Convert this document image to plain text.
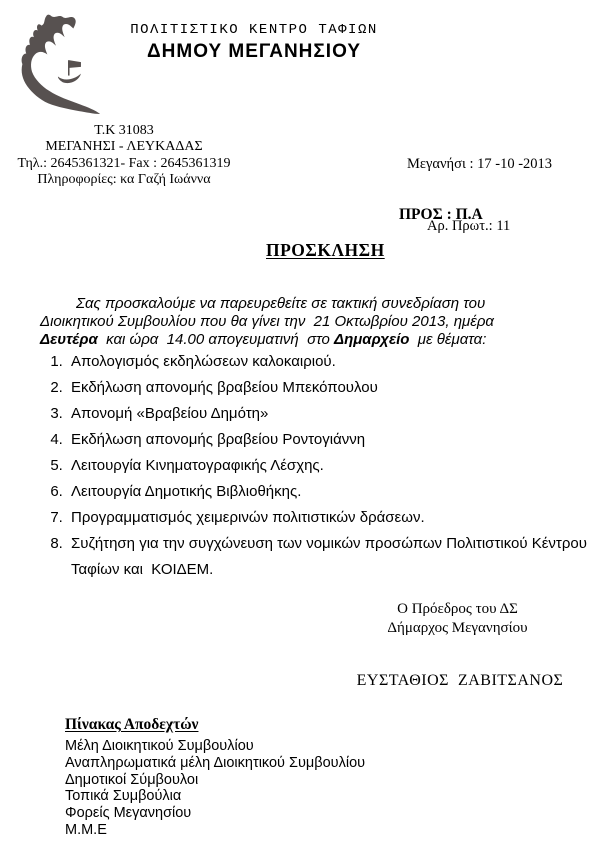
ΠΟΛΙΤΙΣΤΙΚΟ ΚΕΝΤΡΟ ΤΑΦΙΩΝ
ΔΗΜΟΥ ΜΕΓΑΝΗΣΙΟΥ
Τ.Κ 31083
ΜΕΓΑΝΗΣΙ - ΛΕΥΚΑΔΑΣ
Τηλ.: 2645361321- Fax : 2645361319
Πληροφορίες: κα Γαζή Ιωάννα

Μεγανήσι : 17 -10 -2013

Αρ. Πρωτ.: 11

ΠΡΟΣ : Π.Α
ΠΡΟΣΚΛΗΣΗ

Σας προσκαλούμε να παρευρεθείτε σε τακτική συνεδρίαση του Διοικητικού Συμβουλίου που θα γίνει την  21 Οκτωβρίου 2013, ημέρα Δευτέρα  και ώρα  14.00 απογευματινή  στο Δημαρχείο  με θέματα:

1. Απολογισμός εκδηλώσεων καλοκαιριού.
2. Εκδήλωση απονομής βραβείου Μπεκόπουλου
3. Απονομή «Βραβείου Δημότη»
4. Εκδήλωση απονομής βραβείου Ροντογιάννη
5. Λειτουργία Κινηματογραφικής Λέσχης.
6. Λειτουργία Δημοτικής Βιβλιοθήκης.
7. Προγραμματισμός χειμερινών πολιτιστικών δράσεων.
8. Συζήτηση για την συγχώνευση των νομικών προσώπων Πολιτιστικού Κέντρου Ταφίων και  ΚΟΙΔΕΜ.
Ο Πρόεδρος του ΔΣ
Δήμαρχος Μεγανησίου
ΕΥΣΤΑΘΙΟΣ  ΖΑΒΙΤΣΑΝΟΣ
Πίνακας Αποδεχτών
Μέλη Διοικητικού Συμβουλίου
Αναπληρωματικά μέλη Διοικητικού Συμβουλίου
Δημοτικοί Σύμβουλοι
Τοπικά Συμβούλια
Φορείς Μεγανησίου
Μ.Μ.Ε
